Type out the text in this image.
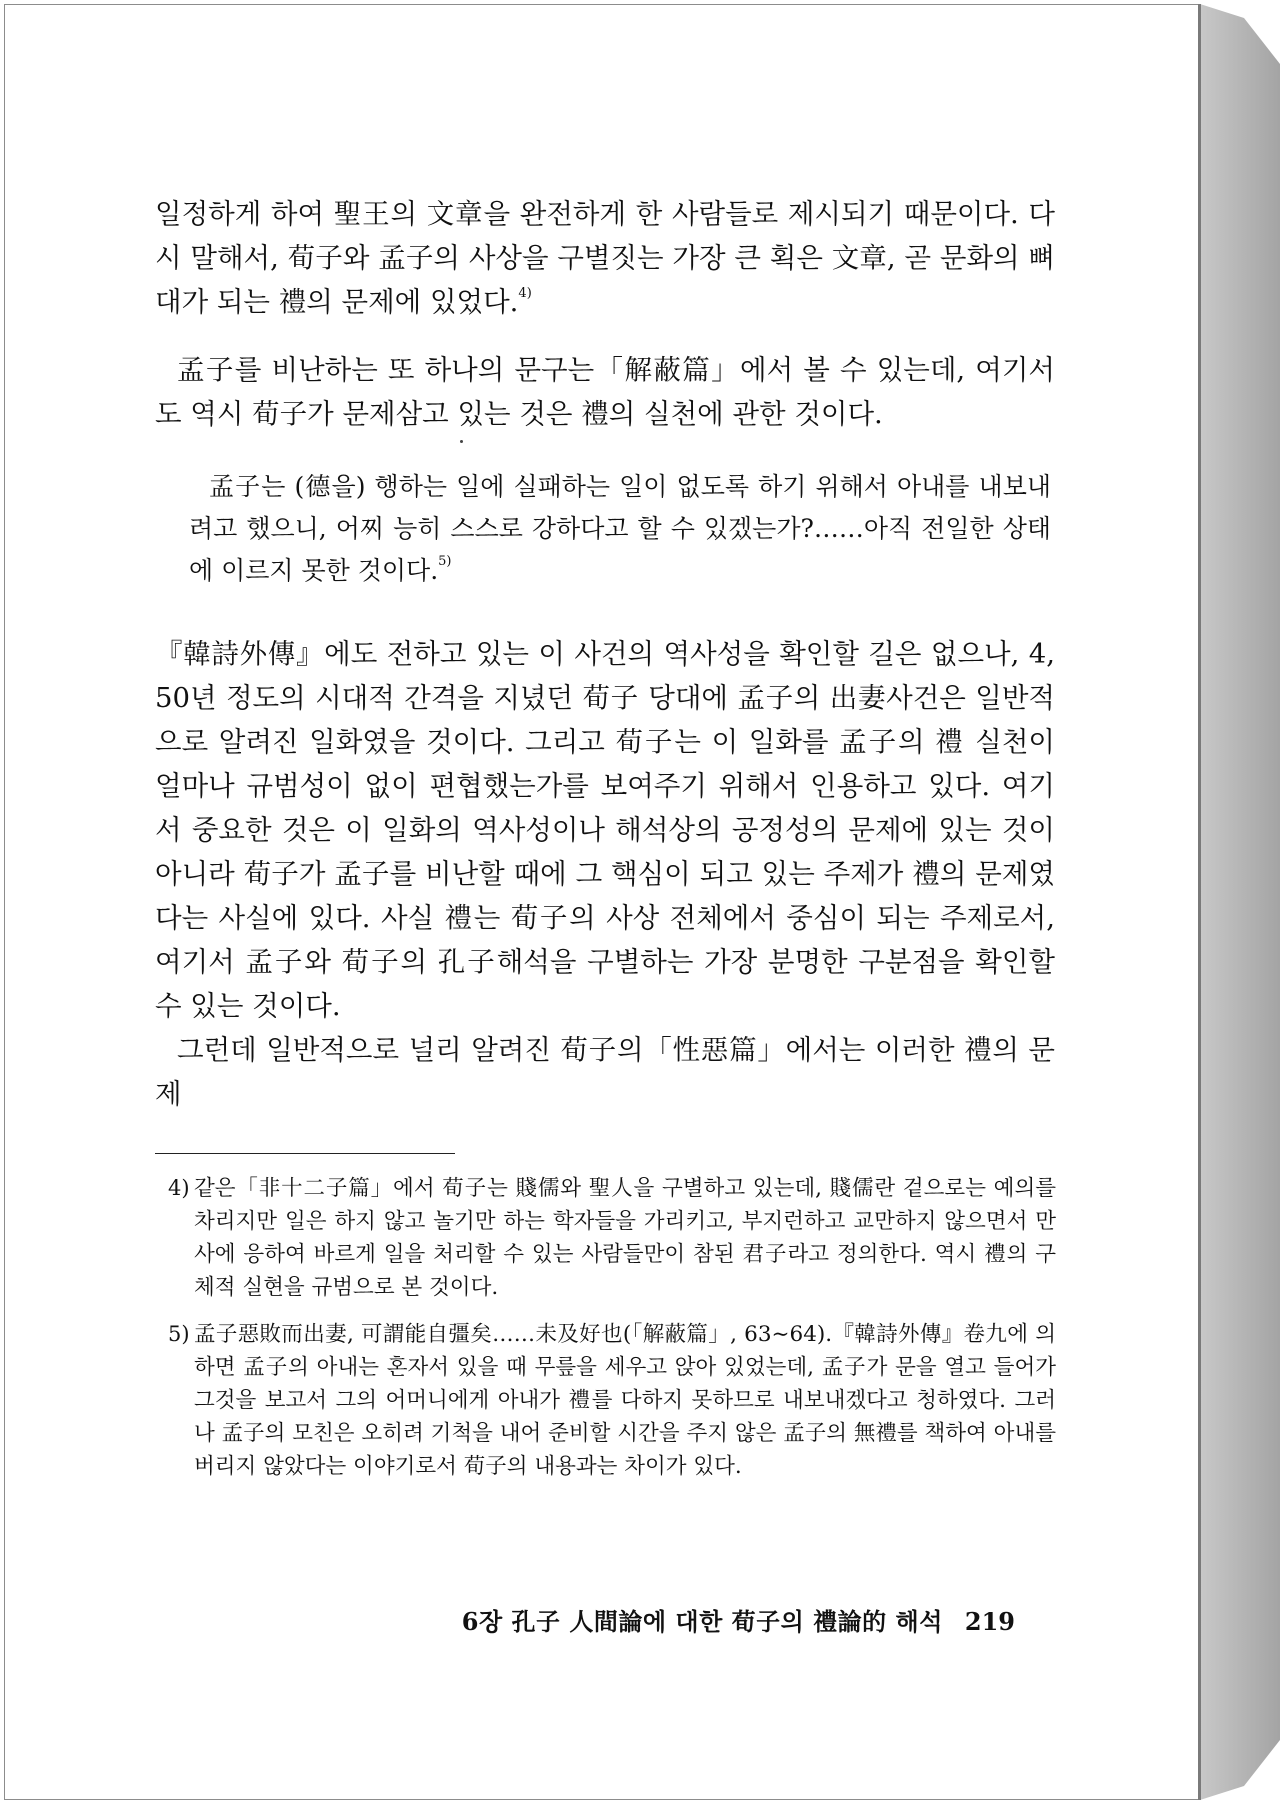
일정하게 하여 聖王의 文章을 완전하게 한 사람들로 제시되기 때문이다. 다시 말해서, 荀子와 孟子의 사상을 구별짓는 가장 큰 획은 文章, 곧 문화의 뼈대가 되는 禮의 문제에 있었다.$^{4)}$

孟子를 비난하는 또 하나의 문구는「解蔽篇」에서 볼 수 있는데, 여기서도 역시 荀子가 문제삼고 있는 것은 禮의 실천에 관한 것이다.

孟子는 (德을) 행하는 일에 실패하는 일이 없도록 하기 위해서 아내를 내보내려고 했으니, 어찌 능히 스스로 강하다고 할 수 있겠는가?……아직 전일한 상태에 이르지 못한 것이다.$^{5)}$

『韓詩外傳』에도 전하고 있는 이 사건의 역사성을 확인할 길은 없으나, 4, 50년 정도의 시대적 간격을 지녔던 荀子 당대에 孟子의 出妻사건은 일반적으로 알려진 일화였을 것이다. 그리고 荀子는 이 일화를 孟子의 禮 실천이 얼마나 규범성이 없이 편협했는가를 보여주기 위해서 인용하고 있다. 여기서 중요한 것은 이 일화의 역사성이나 해석상의 공정성의 문제에 있는 것이 아니라 荀子가 孟子를 비난할 때에 그 핵심이 되고 있는 주제가 禮의 문제였다는 사실에 있다. 사실 禮는 荀子의 사상 전체에서 중심이 되는 주제로서, 여기서 孟子와 荀子의 孔子해석을 구별하는 가장 분명한 구분점을 확인할 수 있는 것이다.

그런데 일반적으로 널리 알려진 荀子의「性惡篇」에서는 이러한 禮의 문제

4) 같은「非十二子篇」에서 荀子는 賤儒와 聖人을 구별하고 있는데, 賤儒란 겉으로는 예의를 차리지만 일은 하지 않고 놀기만 하는 학자들을 가리키고, 부지런하고 교만하지 않으면서 만사에 응하여 바르게 일을 처리할 수 있는 사람들만이 참된 君子라고 정의한다. 역시 禮의 구체적 실현을 규범으로 본 것이다.
5) 孟子惡敗而出妻, 可謂能自彊矣……未及好也(「解蔽篇」, 63∼64).『韓詩外傳』卷九에 의하면 孟子의 아내는 혼자서 있을 때 무릎을 세우고 앉아 있었는데, 孟子가 문을 열고 들어가 그것을 보고서 그의 어머니에게 아내가 禮를 다하지 못하므로 내보내겠다고 청하였다. 그러나 孟子의 모친은 오히려 기척을 내어 준비할 시간을 주지 않은 孟子의 無禮를 책하여 아내를 버리지 않았다는 이야기로서 荀子의 내용과는 차이가 있다.
6장 孔子 人間論에 대한 荀子의 禮論的 해석 219
